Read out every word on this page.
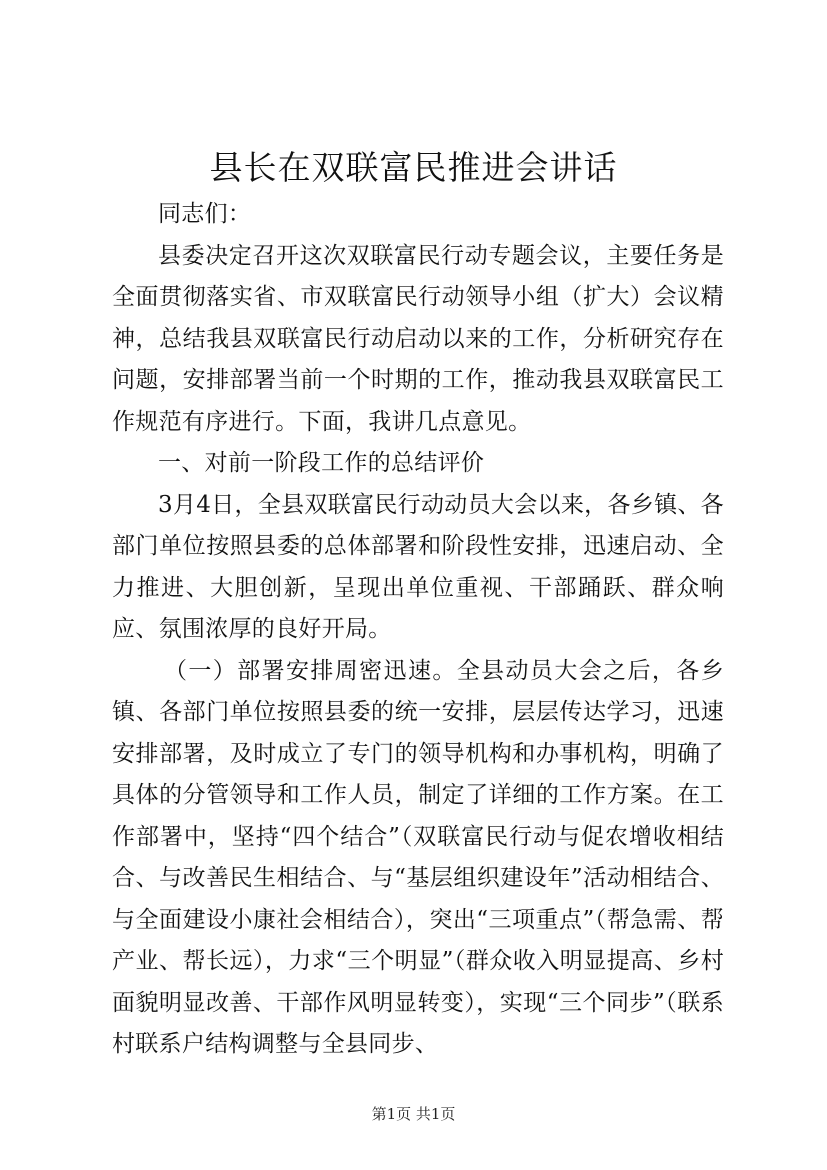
县长在双联富民推进会讲话

同志们：

县委决定召开这次双联富民行动专题会议，主要任务是全面贯彻落实省、市双联富民行动领导小组（扩大）会议精神，总结我县双联富民行动启动以来的工作，分析研究存在问题，安排部署当前一个时期的工作，推动我县双联富民工作规范有序进行。下面，我讲几点意见。

一、对前一阶段工作的总结评价

3月4日，全县双联富民行动动员大会以来，各乡镇、各部门单位按照县委的总体部署和阶段性安排，迅速启动、全力推进、大胆创新，呈现出单位重视、干部踊跃、群众响应、氛围浓厚的良好开局。

（一）部署安排周密迅速。全县动员大会之后，各乡镇、各部门单位按照县委的统一安排，层层传达学习，迅速安排部署，及时成立了专门的领导机构和办事机构，明确了具体的分管领导和工作人员，制定了详细的工作方案。在工作部署中，坚持“四个结合”（双联富民行动与促农增收相结合、与改善民生相结合、与“基层组织建设年”活动相结合、与全面建设小康社会相结合），突出“三项重点”（帮急需、帮产业、帮长远），力求“三个明显”（群众收入明显提高、乡村面貌明显改善、干部作风明显转变），实现“三个同步”（联系村联系户结构调整与全县同步、

第1页 共1页
